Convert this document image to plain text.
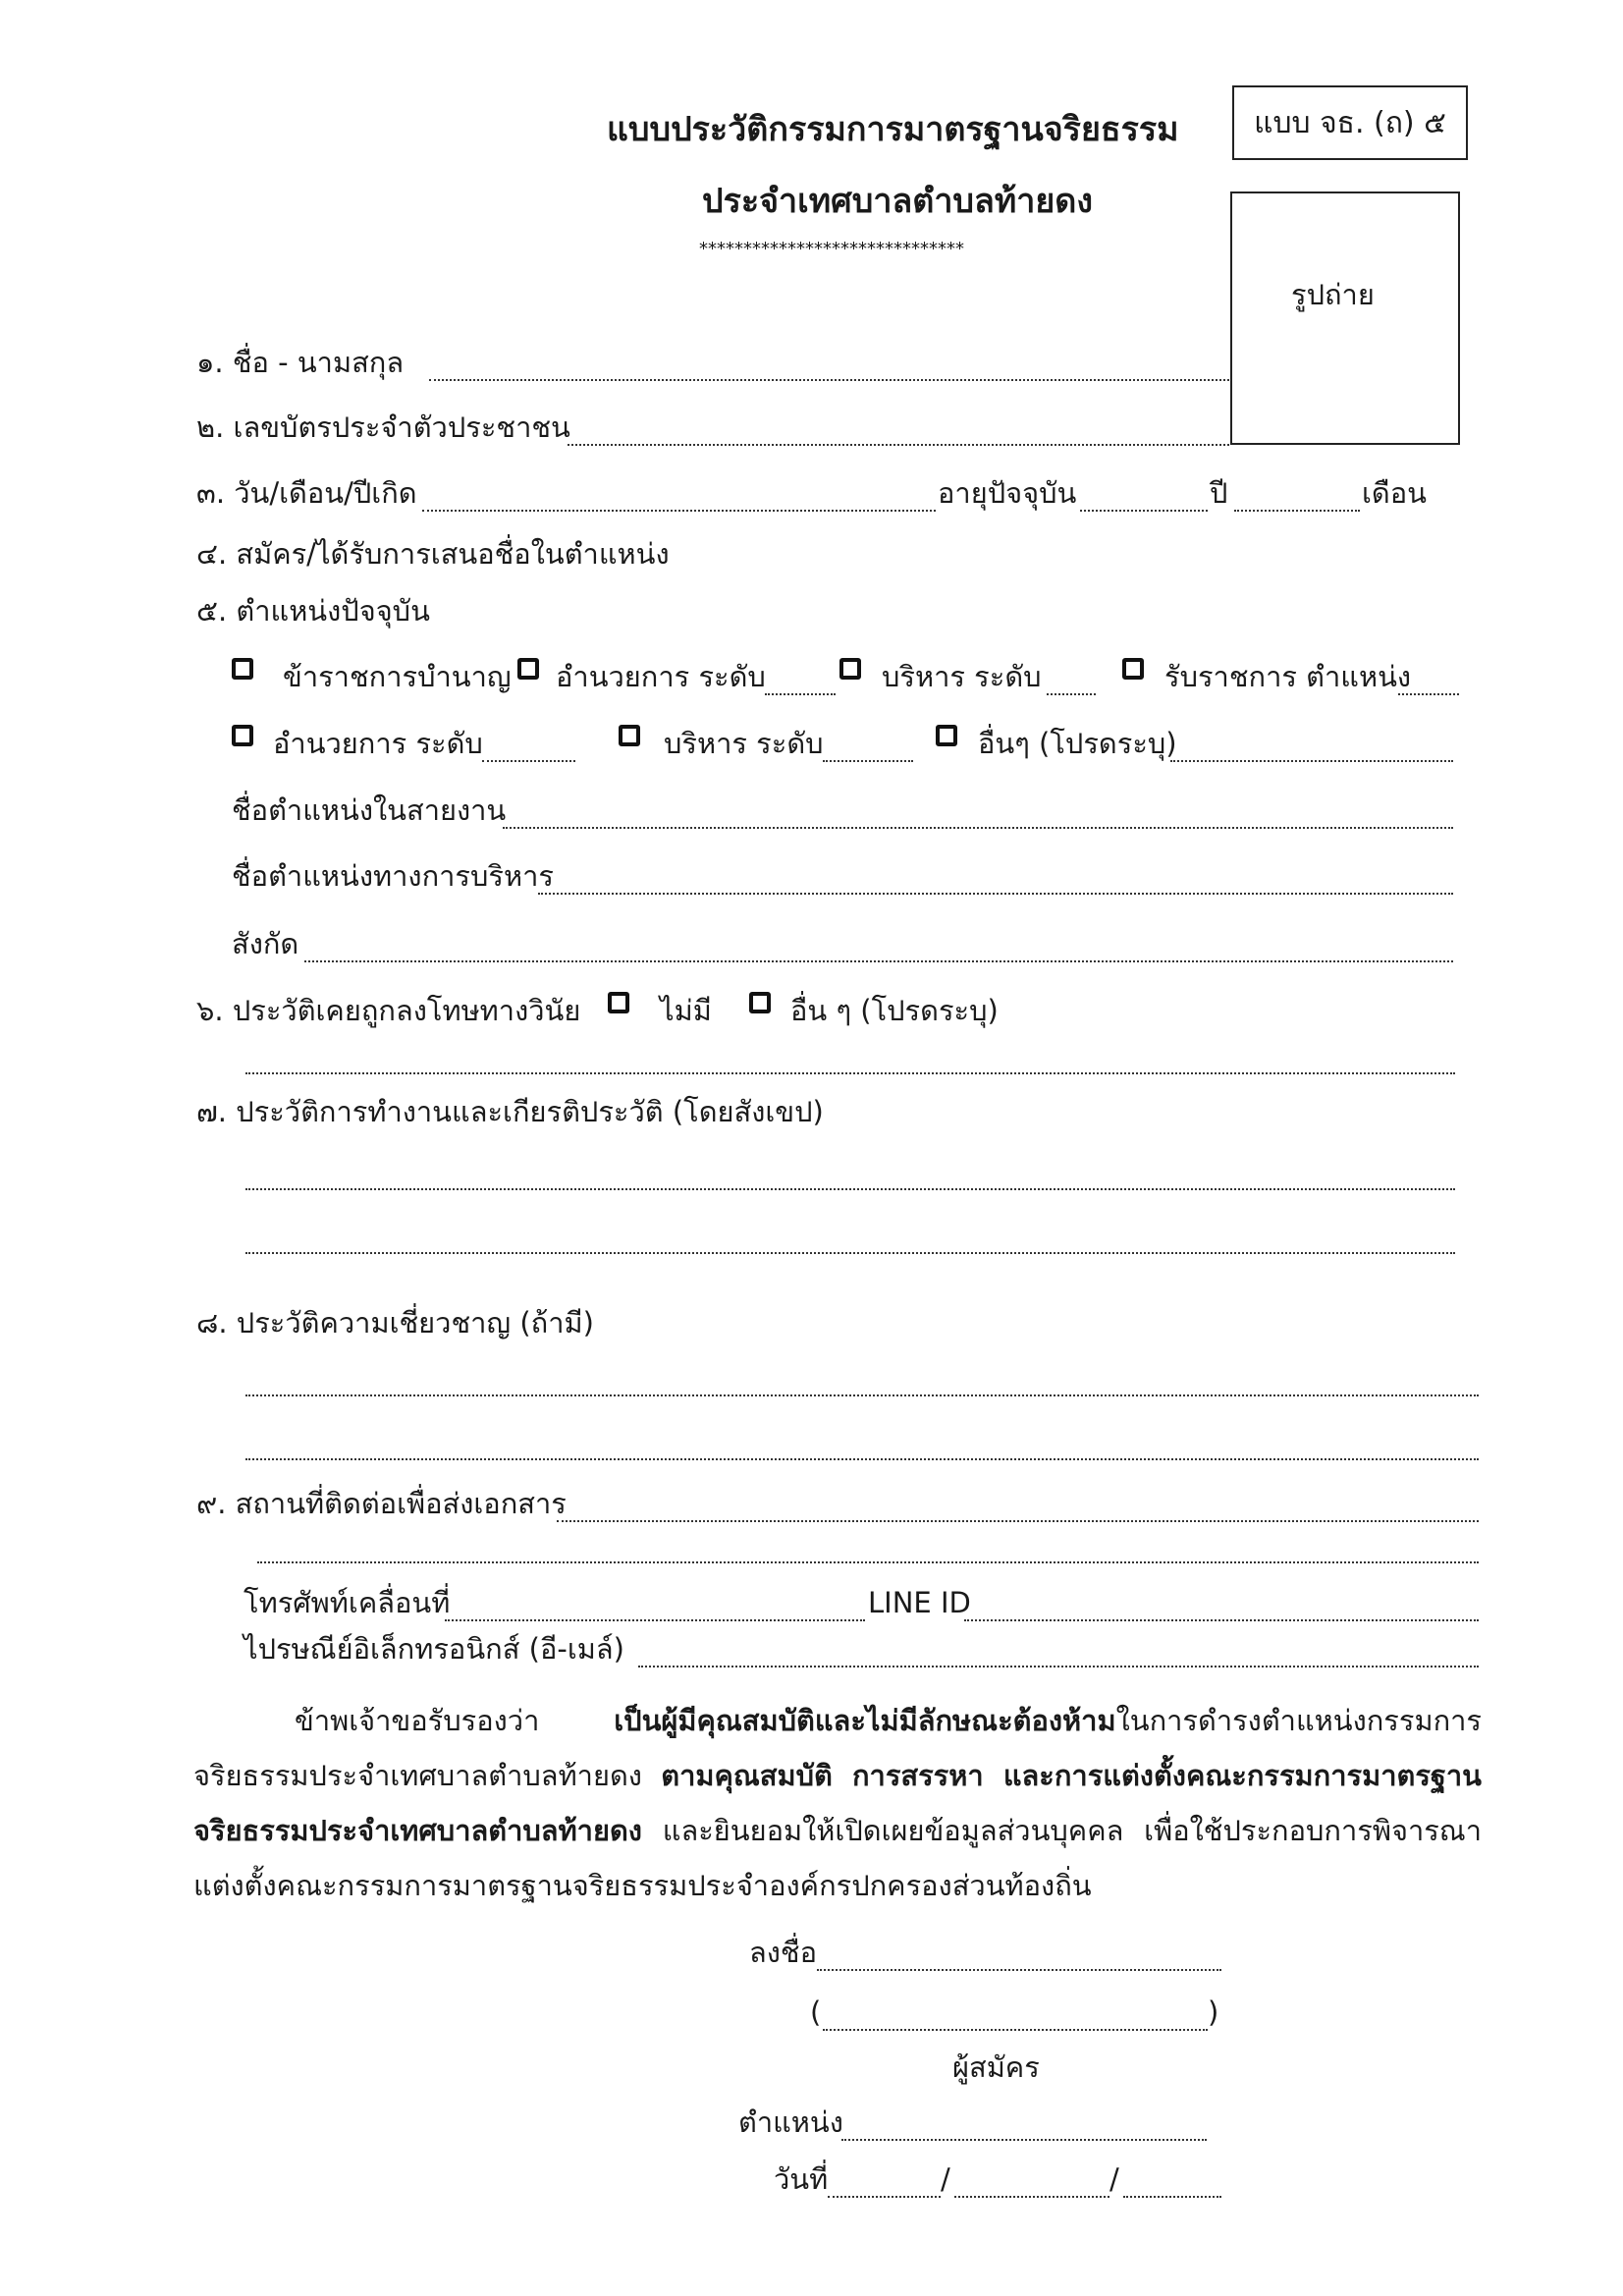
แบบประวัติกรรมการมาตรฐานจริยธรรม
ประจำเทศบาลตำบลท้ายดง
******************************
แบบ จธ. (ถ) ๕
รูปถ่าย
๑. ชื่อ - นามสกุล
๒. เลขบัตรประจำตัวประชาชน
๓. วัน/เดือน/ปีเกิด	อายุปัจจุบัน	ปี	เดือน
๔. สมัคร/ได้รับการเสนอชื่อในตำแหน่ง
๕. ตำแหน่งปัจจุบัน
ข้าราชการบำนาญ อำนวยการ ระดับ	บริหาร ระดับ	รับราชการ ตำแหน่ง
อำนวยการ ระดับ	บริหาร ระดับ	อื่นๆ (โปรดระบุ)
ชื่อตำแหน่งในสายงาน
ชื่อตำแหน่งทางการบริหาร
สังกัด
๖. ประวัติเคยถูกลงโทษทางวินัย	ไม่มี	อื่น ๆ (โปรดระบุ)
๗. ประวัติการทำงานและเกียรติประวัติ (โดยสังเขป)
๘. ประวัติความเชี่ยวชาญ (ถ้ามี)
๙. สถานที่ติดต่อเพื่อส่งเอกสาร
โทรศัพท์เคลื่อนที่	LINE ID
ไปรษณีย์อิเล็กทรอนิกส์ (อี-เมล์)
ข้าพเจ้าขอรับรองว่า เป็นผู้มีคุณสมบัติและไม่มีลักษณะต้องห้ามในการดำรงตำแหน่งกรรมการจริยธรรมประจำเทศบาลตำบลท้ายดง ตามคุณสมบัติ การสรรหา และการแต่งตั้งคณะกรรมการมาตรฐานจริยธรรมประจำเทศบาลตำบลท้ายดง และยินยอมให้เปิดเผยข้อมูลส่วนบุคคล เพื่อใช้ประกอบการพิจารณาแต่งตั้งคณะกรรมการมาตรฐานจริยธรรมประจำองค์กรปกครองส่วนท้องถิ่น
ลงชื่อ
(	)
ผู้สมัคร
ตำแหน่ง
วันที่	/	/
